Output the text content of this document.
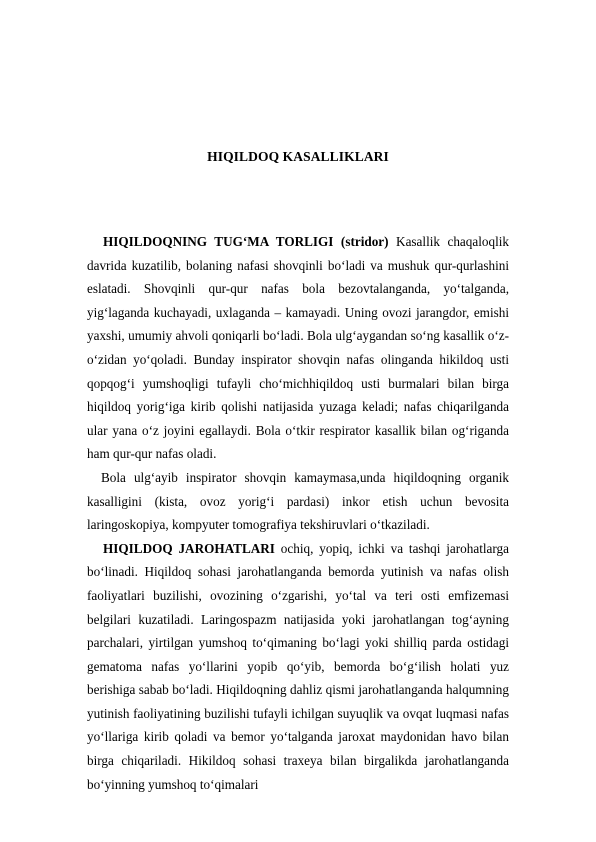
HIQILDOQ KASALLIKLARI

HIQILDOQNING TUG‘MA TORLIGI (stridor) Kasallik chaqaloqlik davrida kuzatilib, bolaning nafasi shovqinli bo‘ladi va mushuk qur-qurlashini eslatadi. Shovqinli qur-qur nafas bola bezovtalanganda, yo‘talganda, yig‘laganda kuchayadi, uxlaganda – kamayadi. Uning ovozi jarangdor, emishi yaxshi, umumiy ahvoli qoniqarli bo‘ladi. Bola ulg‘aygandan so‘ng kasallik o‘z-o‘zidan yo‘qoladi. Bunday inspirator shovqin nafas olinganda hikildoq usti qopqog‘i yumshoqligi tufayli cho‘michhiqildoq usti burmalari bilan birga hiqildoq yorig‘iga kirib qolishi natijasida yuzaga keladi; nafas chiqarilganda ular yana o‘z joyini egallaydi. Bola o‘tkir respirator kasallik bilan og‘riganda ham qur-qur nafas oladi.

Bola ulg‘ayib inspirator shovqin kamaymasa,unda hiqildoqning organik kasalligini (kista, ovoz yorig‘i pardasi) inkor etish uchun bevosita laringoskopiya, kompyuter tomografiya tekshiruvlari o‘tkaziladi.

HIQILDOQ JAROHATLARI ochiq, yopiq, ichki va tashqi jarohatlarga bo‘linadi. Hiqildoq sohasi jarohatlanganda bemorda yutinish va nafas olish faoliyatlari buzilishi, ovozining o‘zgarishi, yo‘tal va teri osti emfizemasi belgilari kuzatiladi. Laringospazm natijasida yoki jarohatlangan tog‘ayning parchalari, yirtilgan yumshoq to‘qimaning bo‘lagi yoki shilliq parda ostidagi gematoma nafas yo‘llarini yopib qo‘yib, bemorda bo‘g‘ilish holati yuz berishiga sabab bo‘ladi. Hiqildoqning dahliz qismi jarohatlanganda halqumning yutinish faoliyatining buzilishi tufayli ichilgan suyuqlik va ovqat luqmasi nafas yo‘llariga kirib qoladi va bemor yo‘talganda jaroxat maydonidan havo bilan birga chiqariladi. Hikildoq sohasi traxeya bilan birgalikda jarohatlanganda bo‘yinning yumshoq to‘qimalari
